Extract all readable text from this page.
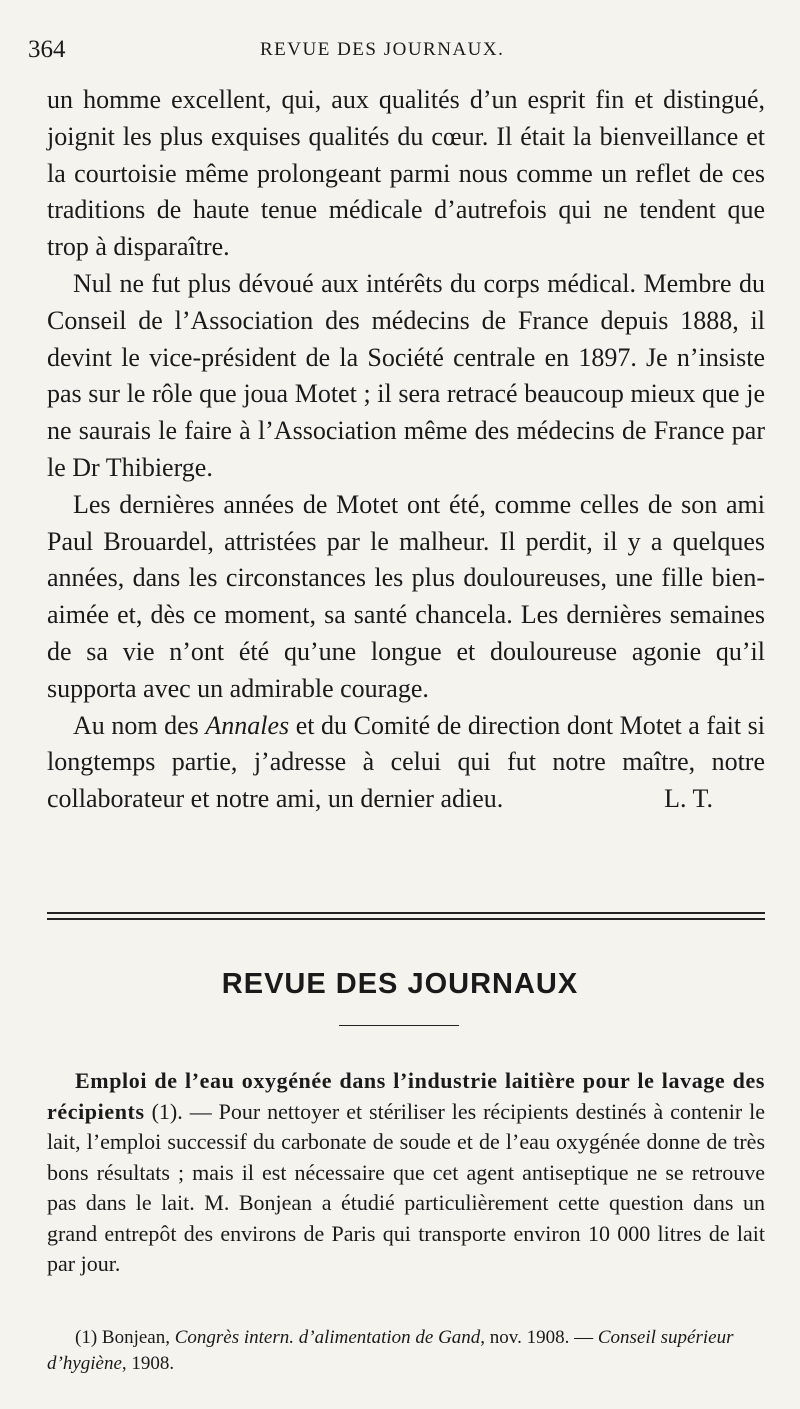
364	REVUE DES JOURNAUX.

un homme excellent, qui, aux qualités d’un esprit fin et distingué, joignit les plus exquises qualités du cœur. Il était la bienveillance et la courtoisie même prolongeant parmi nous comme un reflet de ces traditions de haute tenue médicale d’autrefois qui ne tendent que trop à disparaître.

Nul ne fut plus dévoué aux intérêts du corps médical. Membre du Conseil de l’Association des médecins de France depuis 1888, il devint le vice-président de la Société centrale en 1897. Je n’insiste pas sur le rôle que joua Motet ; il sera retracé beaucoup mieux que je ne saurais le faire à l’Association même des médecins de France par le Dr Thibierge.

Les dernières années de Motet ont été, comme celles de son ami Paul Brouardel, attristées par le malheur. Il perdit, il y a quelques années, dans les circonstances les plus douloureuses, une fille bien-aimée et, dès ce moment, sa santé chancela. Les dernières semaines de sa vie n’ont été qu’une longue et douloureuse agonie qu’il supporta avec un admirable courage.

Au nom des Annales et du Comité de direction dont Motet a fait si longtemps partie, j’adresse à celui qui fut notre maître, notre collaborateur et notre ami, un dernier adieu.	L. T.

REVUE DES JOURNAUX

Emploi de l’eau oxygénée dans l’industrie laitière pour le lavage des récipients (1). — Pour nettoyer et stériliser les récipients destinés à contenir le lait, l’emploi successif du carbonate de soude et de l’eau oxygénée donne de très bons résultats ; mais il est nécessaire que cet agent antiseptique ne se retrouve pas dans le lait. M. Bonjean a étudié particulièrement cette question dans un grand entrepôt des environs de Paris qui transporte environ 10 000 litres de lait par jour.

(1) Bonjean, Congrès intern. d’alimentation de Gand, nov. 1908. — Conseil supérieur d’hygiène, 1908.
